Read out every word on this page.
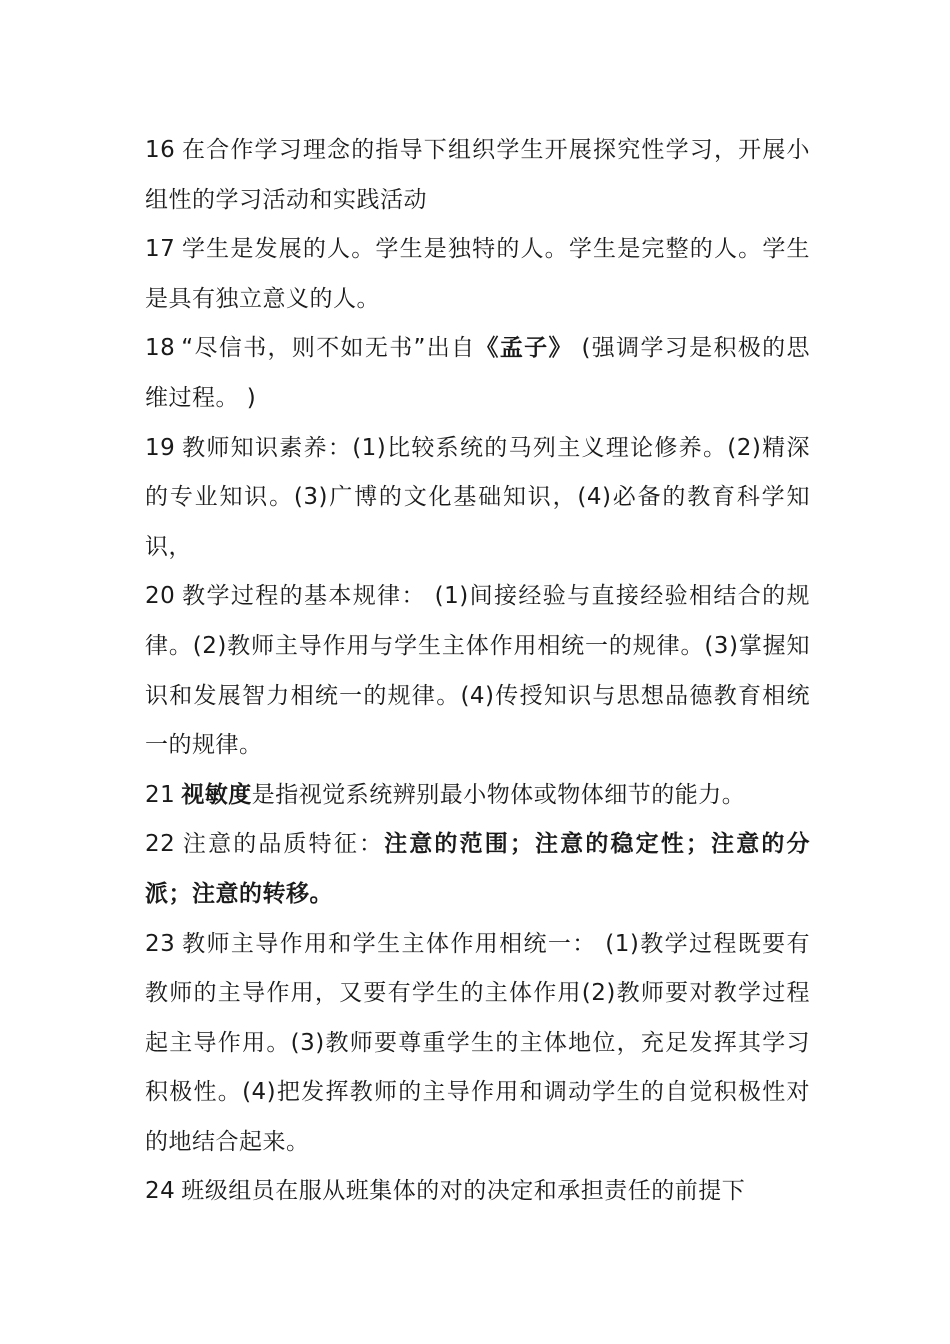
16 在合作学习理念的指导下组织学生开展探究性学习，开展小组性的学习活动和实践活动

17 学生是发展的人。学生是独特的人。学生是完整的人。学生是具有独立意义的人。

18 “尽信书，则不如无书”出自《孟子》 (强调学习是积极的思维过程。 )

19 教师知识素养：(1)比较系统的马列主义理论修养。(2)精深的专业知识。(3)广博的文化基础知识，(4)必备的教育科学知识，

20 教学过程的基本规律： (1)间接经验与直接经验相结合的规律。(2)教师主导作用与学生主体作用相统一的规律。(3)掌握知识和发展智力相统一的规律。(4)传授知识与思想品德教育相统一的规律。

21 视敏度是指视觉系统辨别最小物体或物体细节的能力。

22 注意的品质特征：注意的范围；注意的稳定性；注意的分派；注意的转移。

23 教师主导作用和学生主体作用相统一： (1)教学过程既要有教师的主导作用，又要有学生的主体作用(2)教师要对教学过程起主导作用。(3)教师要尊重学生的主体地位，充足发挥其学习积极性。(4)把发挥教师的主导作用和调动学生的自觉积极性对的地结合起来。

24 班级组员在服从班集体的对的决定和承担责任的前提下
